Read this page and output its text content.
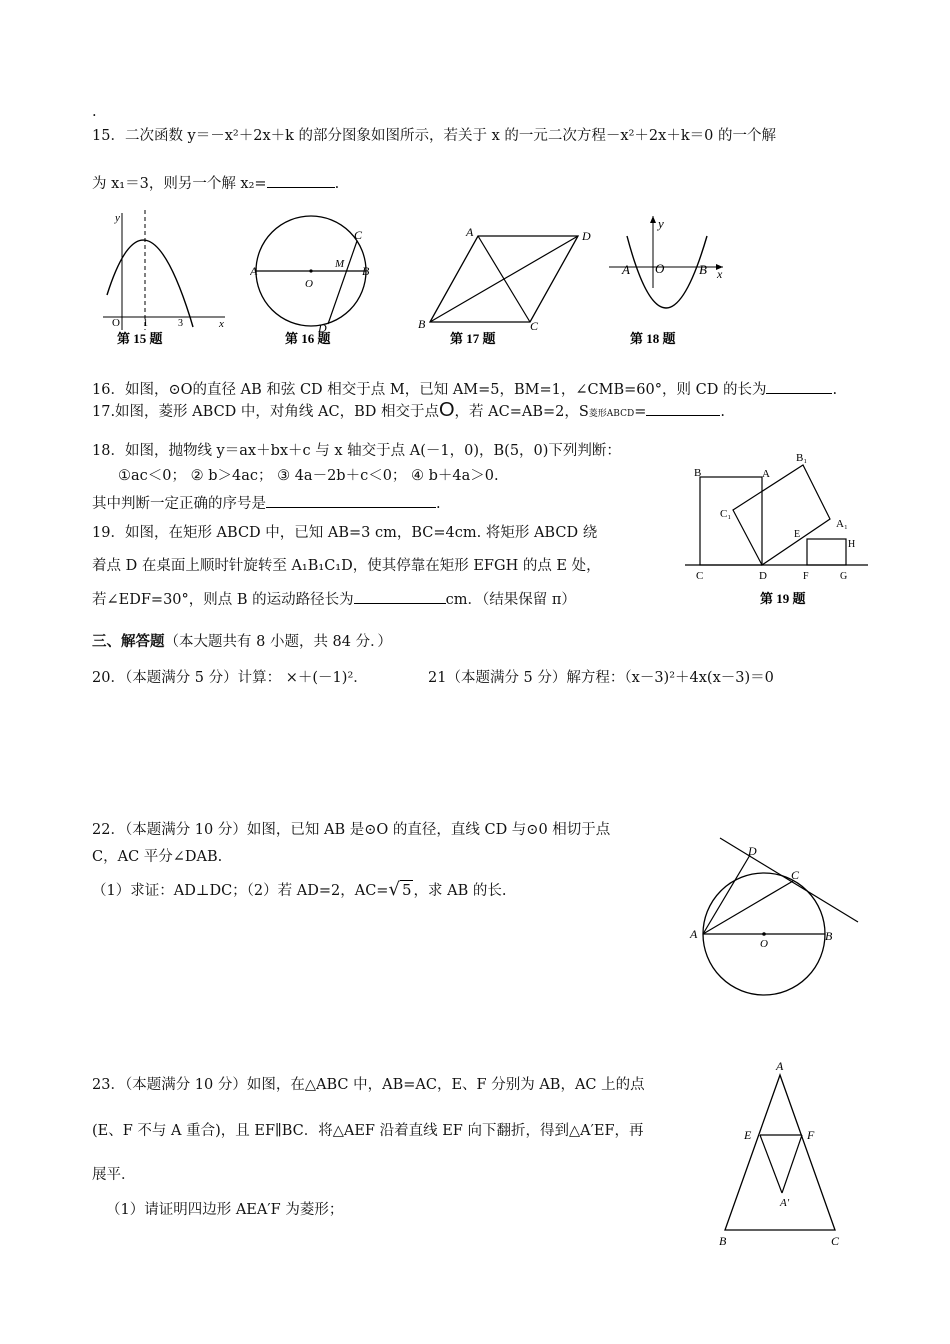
.
15．二次函数 y＝－x²＋2x＋k 的部分图象如图所示，若关于 x 的一元二次方程－x²＋2x＋k＝0 的一个解
为 x₁＝3，则另一个解 x₂=	.
y
x
O 1	3
第 15 题
A	B
C
M
O
D
第 16 题
A	D
B	C
第 17 题
A O	B x
y
第 18 题
16．如图，⊙O的直径 AB 和弦 CD 相交于点 M，已知 AM=5，BM=1，∠CMB=60°，则 CD 的长为	.
17.如图，菱形 ABCD 中，对角线 AC，BD 相交于点O，若 AC=AB=2，S菱形ABCD=	.
18．如图，抛物线 y＝ax＋bx＋c 与 x 轴交于点 A(－1，0)，B(5，0)下列判断：
①ac＜0； ② b＞4ac； ③ 4a－2b＋c＜0； ④ b＋4a＞0.
其中判断一定正确的序号是	.
19．如图，在矩形 ABCD 中，已知 AB=3 cm，BC=4cm. 将矩形 ABCD 绕
着点 D 在桌面上顺时针旋转至 A₁B₁C₁D，使其停靠在矩形 EFGH 的点 E 处，
若∠EDF=30°，则点 B 的运动路径长为	cm．（结果保留 π）
B	A
B₁
C₁
A₁
E
H
C	D	F	G
第 19 题
三、解答题（本大题共有 8 小题，共 84 分．）
20．（本题满分 5 分）计算： ×＋(－1)²．	21（本题满分 5 分）解方程：（x－3)²＋4x(x－3)＝0
22．（本题满分 10 分）如图，已知 AB 是⊙O 的直径，直线 CD 与⊙0 相切于点
C，AC 平分∠DAB.
（1）求证：AD⊥DC；（2）若 AD=2，AC=√ 5 ，求 AB 的长.
A	B
C
D
O
23．（本题满分 10 分）如图，在△ABC 中，AB=AC，E、F 分别为 AB，AC 上的点
(E、F 不与 A 重合)，且 EF∥BC．将△AEF 沿着直线 EF 向下翻折，得到△A′EF，再
展平．
（1）请证明四边形 AEA′F 为菱形；
A
E	F
A′
B	C
